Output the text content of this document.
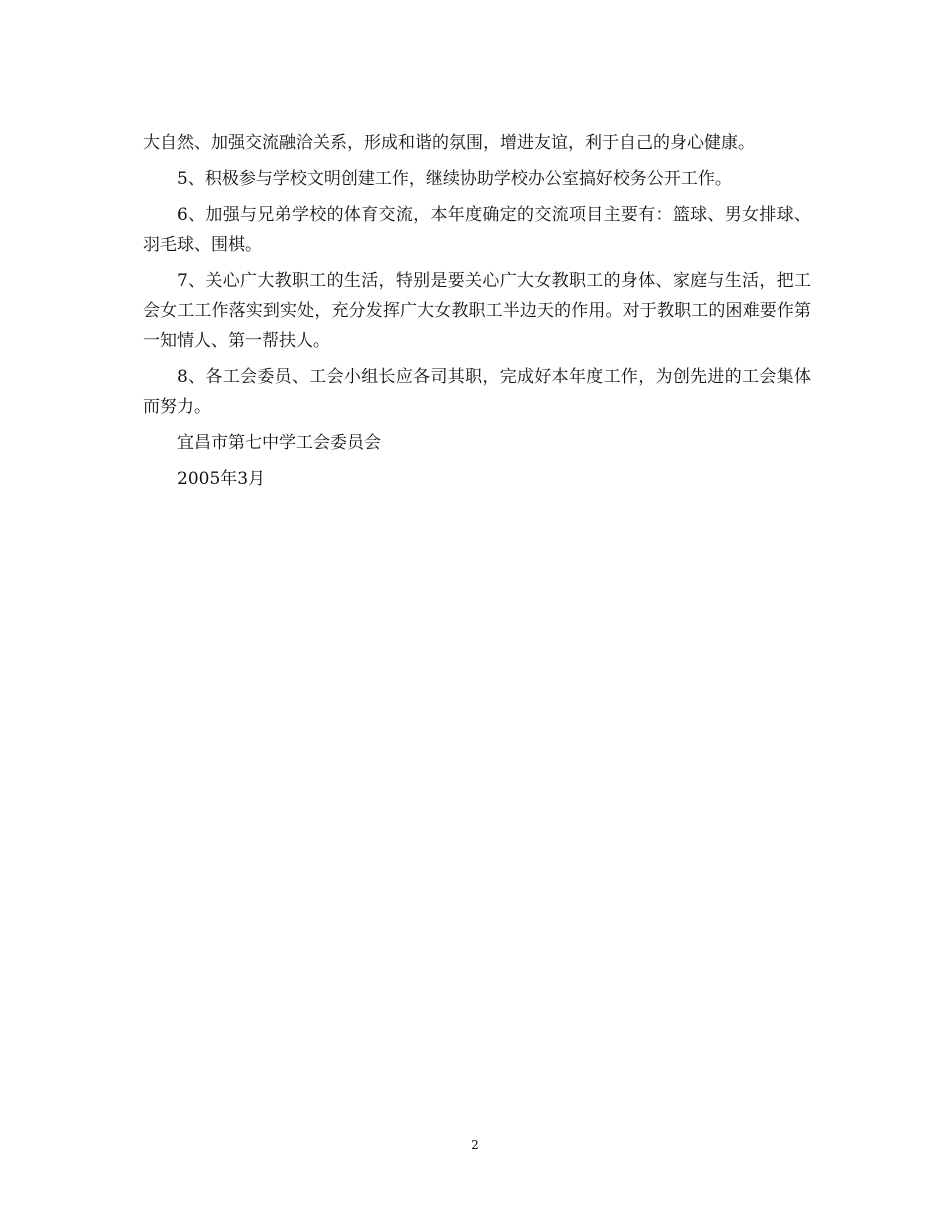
大自然、加强交流融洽关系，形成和谐的氛围，增进友谊，利于自己的身心健康。

5、积极参与学校文明创建工作，继续协助学校办公室搞好校务公开工作。

6、加强与兄弟学校的体育交流，本年度确定的交流项目主要有：篮球、男女排球、羽毛球、围棋。

7、关心广大教职工的生活，特别是要关心广大女教职工的身体、家庭与生活，把工会女工工作落实到实处，充分发挥广大女教职工半边天的作用。对于教职工的困难要作第一知情人、第一帮扶人。

8、各工会委员、工会小组长应各司其职，完成好本年度工作，为创先进的工会集体而努力。

宜昌市第七中学工会委员会

2005年3月

2
